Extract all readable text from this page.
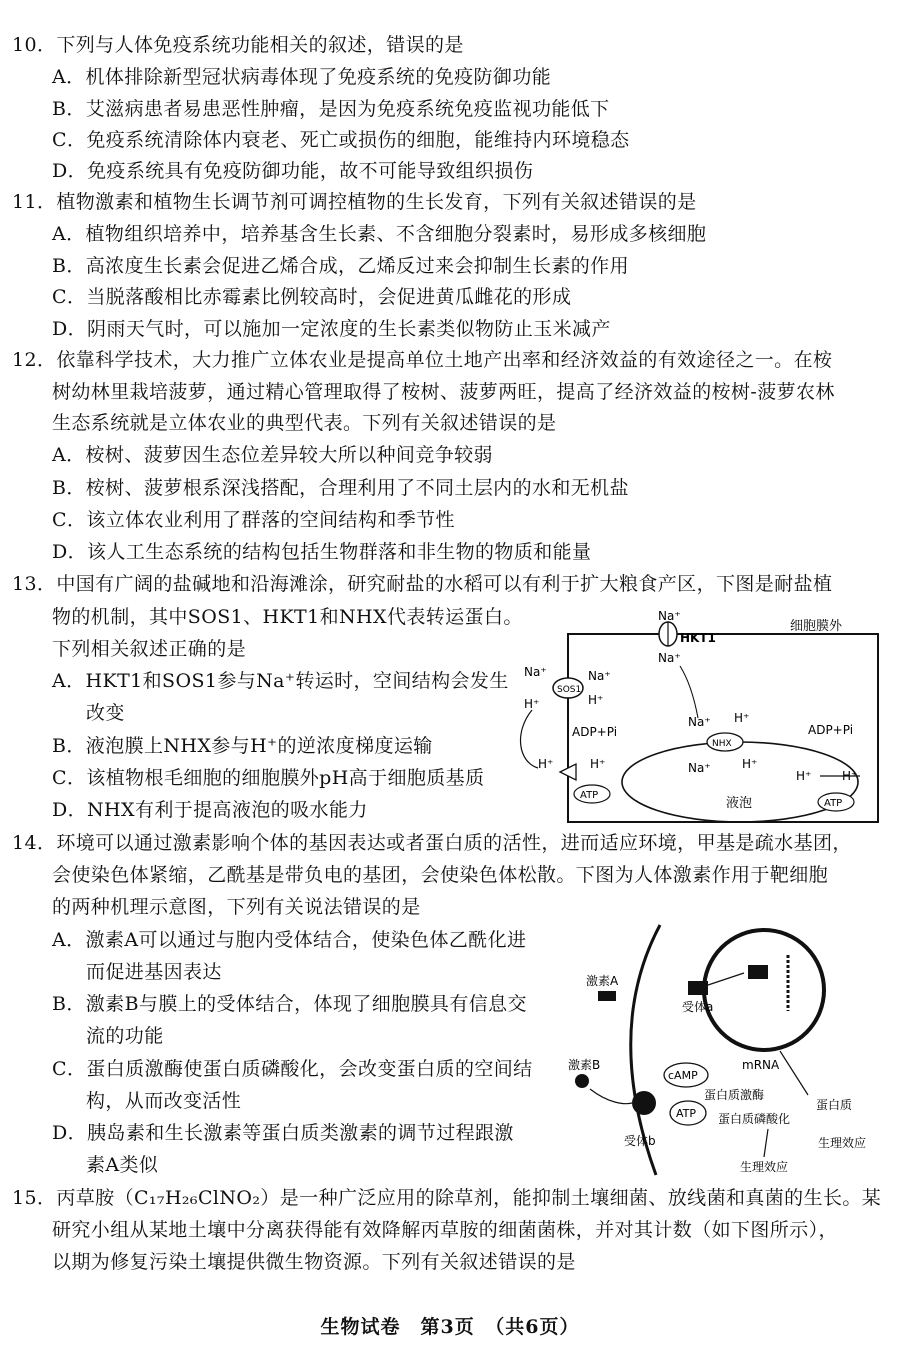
10．下列与人体免疫系统功能相关的叙述，错误的是
A．机体排除新型冠状病毒体现了免疫系统的免疫防御功能
B．艾滋病患者易患恶性肿瘤，是因为免疫系统免疫监视功能低下
C．免疫系统清除体内衰老、死亡或损伤的细胞，能维持内环境稳态
D．免疫系统具有免疫防御功能，故不可能导致组织损伤
11．植物激素和植物生长调节剂可调控植物的生长发育，下列有关叙述错误的是
A．植物组织培养中，培养基含生长素、不含细胞分裂素时，易形成多核细胞
B．高浓度生长素会促进乙烯合成，乙烯反过来会抑制生长素的作用
C．当脱落酸相比赤霉素比例较高时，会促进黄瓜雌花的形成
D．阴雨天气时，可以施加一定浓度的生长素类似物防止玉米减产
12．依靠科学技术，大力推广立体农业是提高单位土地产出率和经济效益的有效途径之一。在桉
树幼林里栽培菠萝，通过精心管理取得了桉树、菠萝两旺，提高了经济效益的桉树-菠萝农林
生态系统就是立体农业的典型代表。下列有关叙述错误的是
A．桉树、菠萝因生态位差异较大所以种间竞争较弱
B．桉树、菠萝根系深浅搭配，合理利用了不同土层内的水和无机盐
C．该立体农业利用了群落的空间结构和季节性
D．该人工生态系统的结构包括生物群落和非生物的物质和能量
13．中国有广阔的盐碱地和沿海滩涂，研究耐盐的水稻可以有利于扩大粮食产区，下图是耐盐植
物的机制，其中SOS1、HKT1和NHX代表转运蛋白。
下列相关叙述正确的是
A．HKT1和SOS1参与Na⁺转运时，空间结构会发生
改变
B．液泡膜上NHX参与H⁺的逆浓度梯度运输
C．该植物根毛细胞的细胞膜外pH高于细胞质基质
D．NHX有利于提高液泡的吸水能力
细胞膜外
Na⁺
HKT1
Na⁺
SOS1
Na⁺
H⁺
Na⁺
H⁺
H⁺	H⁺
ADP+Pi
ATP
液泡
NHX
Na⁺ H⁺
Na⁺	H⁺
ADP+Pi
H⁺	H⁺
ATP
14．环境可以通过激素影响个体的基因表达或者蛋白质的活性，进而适应环境，甲基是疏水基团，
会使染色体紧缩，乙酰基是带负电的基团，会使染色体松散。下图为人体激素作用于靶细胞
的两种机理示意图，下列有关说法错误的是
A．激素A可以通过与胞内受体结合，使染色体乙酰化进
而促进基因表达
B．激素B与膜上的受体结合，体现了细胞膜具有信息交
流的功能
C．蛋白质激酶使蛋白质磷酸化，会改变蛋白质的空间结
构，从而改变活性
D．胰岛素和生长激素等蛋白质类激素的调节过程跟激
素A类似
激素A
受体a
mRNA
蛋白质
生理效应
激素B
受体b
cAMP
ATP
蛋白质激酶
蛋白质磷酸化
生理效应
15．丙草胺（C₁₇H₂₆ClNO₂）是一种广泛应用的除草剂，能抑制土壤细菌、放线菌和真菌的生长。某
研究小组从某地土壤中分离获得能有效降解丙草胺的细菌菌株，并对其计数（如下图所示），
以期为修复污染土壤提供微生物资源。下列有关叙述错误的是
生物试卷　第3页　（共6页）
